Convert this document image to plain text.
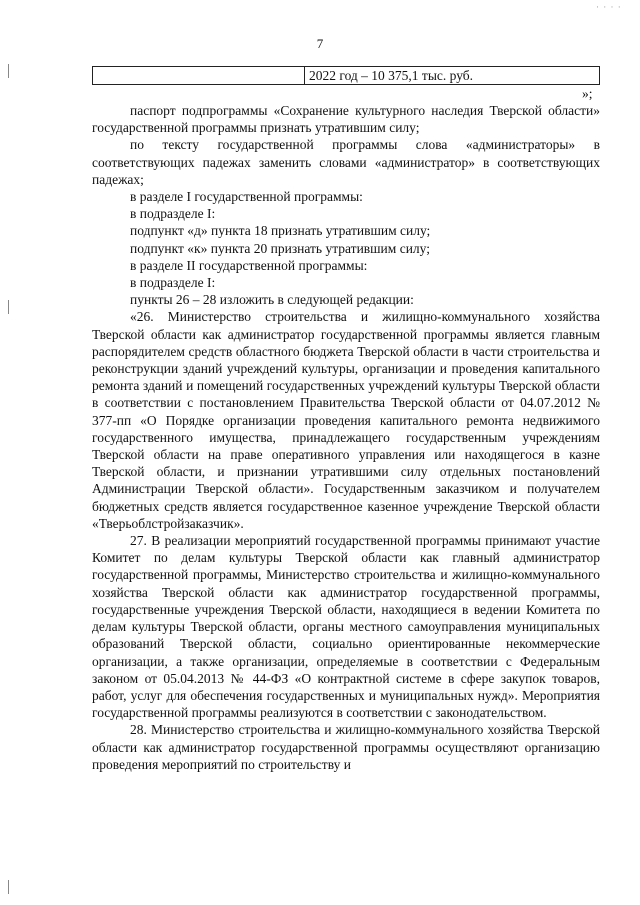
· · · ·
7
2022 год – 10 375,1 тыс. руб.
»;

паспорт подпрограммы «Сохранение культурного наследия Тверской области» государственной программы признать утратившим силу;

по тексту государственной программы слова «администраторы» в соответствующих падежах заменить словами «администратор» в соответствующих падежах;

в разделе I государственной программы:
в подразделе I:
подпункт «д» пункта 18 признать утратившим силу;
подпункт «к» пункта 20 признать утратившим силу;
в разделе II государственной программы:
в подразделе I:
пункты 26 – 28 изложить в следующей редакции:

«26. Министерство строительства и жилищно-коммунального хозяйства Тверской области как администратор государственной программы является главным распорядителем средств областного бюджета Тверской области в части строительства и реконструкции зданий учреждений культуры, организации и проведения капитального ремонта зданий и помещений государственных учреждений культуры Тверской области в соответствии с постановлением Правительства Тверской области от 04.07.2012 № 377-пп «О Порядке организации проведения капитального ремонта недвижимого государственного имущества, принадлежащего государственным учреждениям Тверской области на праве оперативного управления или находящегося в казне Тверской области, и признании утратившими силу отдельных постановлений Администрации Тверской области». Государственным заказчиком и получателем бюджетных средств является государственное казенное учреждение Тверской области «Тверьоблстройзаказчик».

27. В реализации мероприятий государственной программы принимают участие Комитет по делам культуры Тверской области как главный администратор государственной программы, Министерство строительства и жилищно-коммунального хозяйства Тверской области как администратор государственной программы, государственные учреждения Тверской области, находящиеся в ведении Комитета по делам культуры Тверской области, органы местного самоуправления муниципальных образований Тверской области, социально ориентированные некоммерческие организации, а также организации, определяемые в соответствии с Федеральным законом от 05.04.2013 № 44-ФЗ «О контрактной системе в сфере закупок товаров, работ, услуг для обеспечения государственных и муниципальных нужд». Мероприятия государственной программы реализуются в соответствии с законодательством.

28. Министерство строительства и жилищно-коммунального хозяйства Тверской области как администратор государственной программы осуществляют организацию проведения мероприятий по строительству и
